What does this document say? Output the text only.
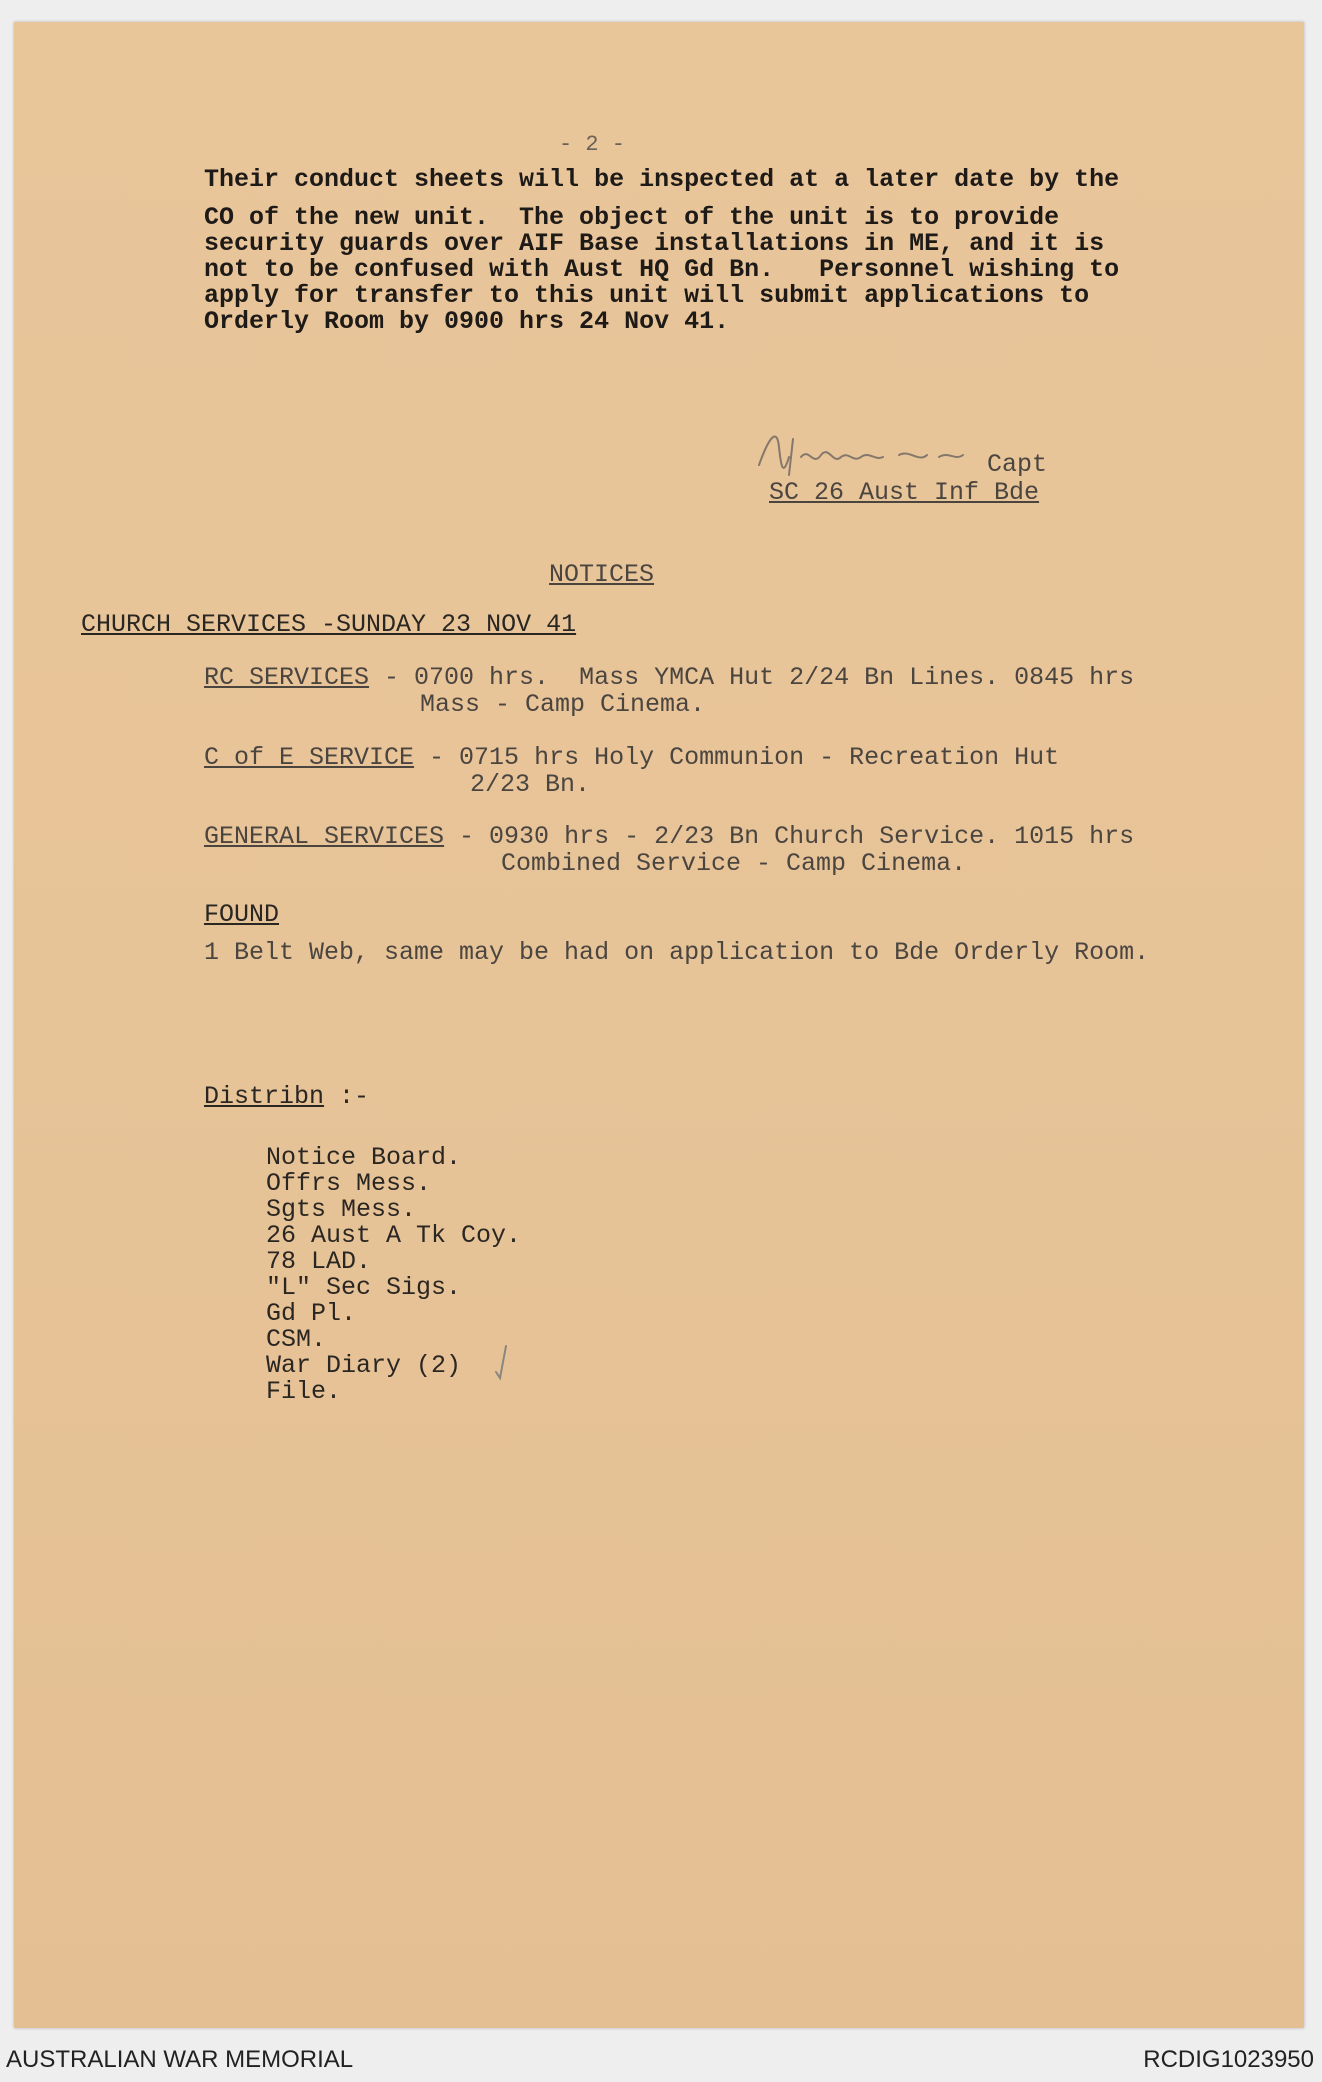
- 2 -
Their conduct sheets will be inspected at a later date by the
CO of the new unit.  The object of the unit is to provide
security guards over AIF Base installations in ME, and it is
not to be confused with Aust HQ Gd Bn.   Personnel wishing to
apply for transfer to this unit will submit applications to
Orderly Room by 0900 hrs 24 Nov 41.
Capt
SC 26 Aust Inf Bde
NOTICES
CHURCH SERVICES -SUNDAY 23 NOV 41
RC SERVICES - 0700 hrs.  Mass YMCA Hut 2/24 Bn Lines. 0845 hrs
Mass - Camp Cinema.
C of E SERVICE - 0715 hrs Holy Communion - Recreation Hut
2/23 Bn.
GENERAL SERVICES - 0930 hrs - 2/23 Bn Church Service. 1015 hrs
Combined Service - Camp Cinema.
FOUND
1 Belt Web, same may be had on application to Bde Orderly Room.
Distribn :-
Notice Board.
Offrs Mess.
Sgts Mess.
26 Aust A Tk Coy.
78 LAD.
"L" Sec Sigs.
Gd Pl.
CSM.
War Diary (2)
File.
AUSTRALIAN WAR MEMORIAL	RCDIG1023950
